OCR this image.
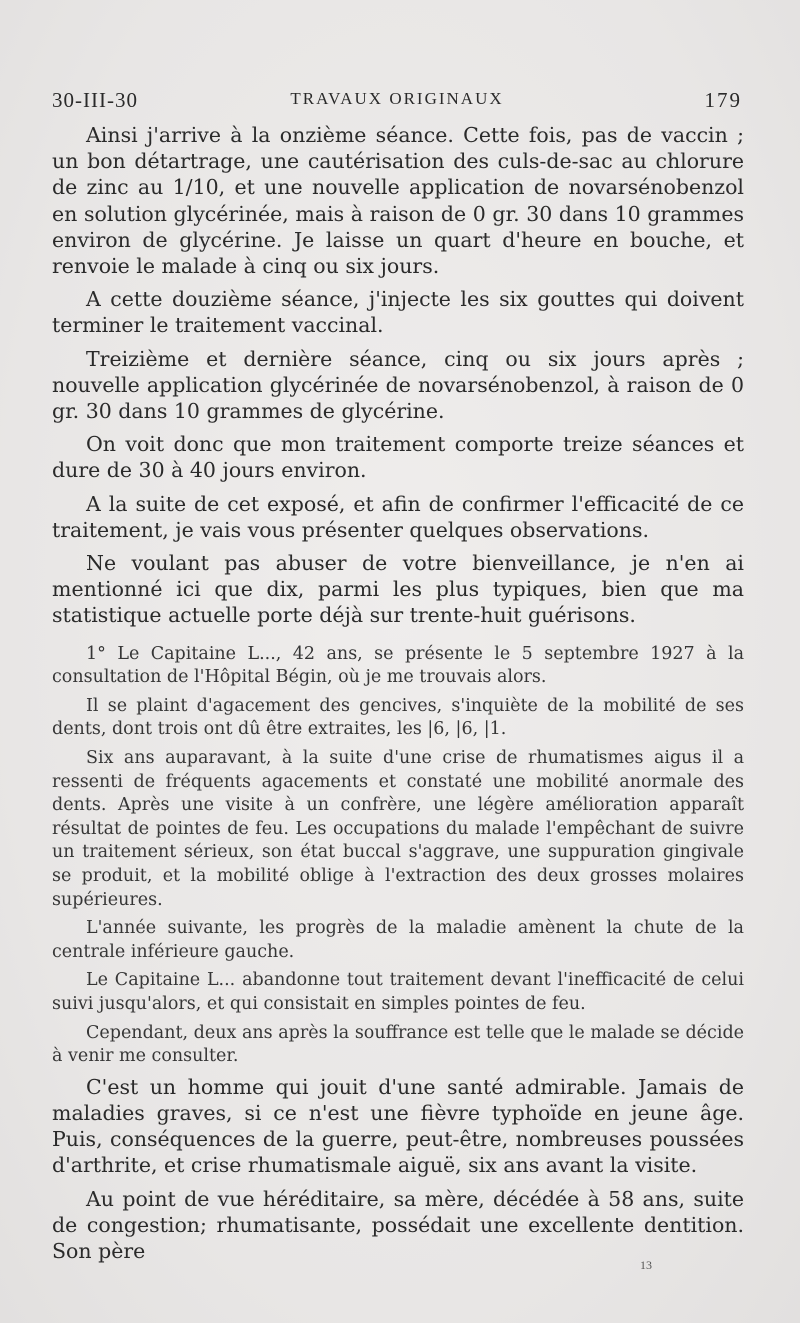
30-III-30	TRAVAUX ORIGINAUX	179

Ainsi j'arrive à la onzième séance. Cette fois, pas de vaccin ; un bon détartrage, une cautérisation des culs-de-sac au chlorure de zinc au 1/10, et une nouvelle application de novarsénobenzol en solution glycérinée, mais à raison de 0 gr. 30 dans 10 grammes environ de glycérine. Je laisse un quart d'heure en bouche, et renvoie le malade à cinq ou six jours.

A cette douzième séance, j'injecte les six gouttes qui doivent terminer le traitement vaccinal.

Treizième et dernière séance, cinq ou six jours après ; nouvelle application glycérinée de novarsénobenzol, à raison de 0 gr. 30 dans 10 grammes de glycérine.

On voit donc que mon traitement comporte treize séances et dure de 30 à 40 jours environ.

A la suite de cet exposé, et afin de confirmer l'efficacité de ce traitement, je vais vous présenter quelques observations.

Ne voulant pas abuser de votre bienveillance, je n'en ai mentionné ici que dix, parmi les plus typiques, bien que ma statistique actuelle porte déjà sur trente-huit guérisons.

1° Le Capitaine L..., 42 ans, se présente le 5 septembre 1927 à la consultation de l'Hôpital Bégin, où je me trouvais alors.

Il se plaint d'agacement des gencives, s'inquiète de la mobilité de ses dents, dont trois ont dû être extraites, les |6, |6, |1.

Six ans auparavant, à la suite d'une crise de rhumatismes aigus il a ressenti de fréquents agacements et constaté une mobilité anormale des dents. Après une visite à un confrère, une légère amélioration apparaît résultat de pointes de feu. Les occupations du malade l'empêchant de suivre un traitement sérieux, son état buccal s'aggrave, une suppuration gingivale se produit, et la mobilité oblige à l'extraction des deux grosses molaires supérieures.

L'année suivante, les progrès de la maladie amènent la chute de la centrale inférieure gauche.

Le Capitaine L... abandonne tout traitement devant l'inefficacité de celui suivi jusqu'alors, et qui consistait en simples pointes de feu.

Cependant, deux ans après la souffrance est telle que le malade se décide à venir me consulter.

C'est un homme qui jouit d'une santé admirable. Jamais de maladies graves, si ce n'est une fièvre typhoïde en jeune âge. Puis, conséquences de la guerre, peut-être, nombreuses poussées d'arthrite, et crise rhumatismale aiguë, six ans avant la visite.

Au point de vue héréditaire, sa mère, décédée à 58 ans, suite de congestion; rhumatisante, possédait une excellente dentition. Son père

13
